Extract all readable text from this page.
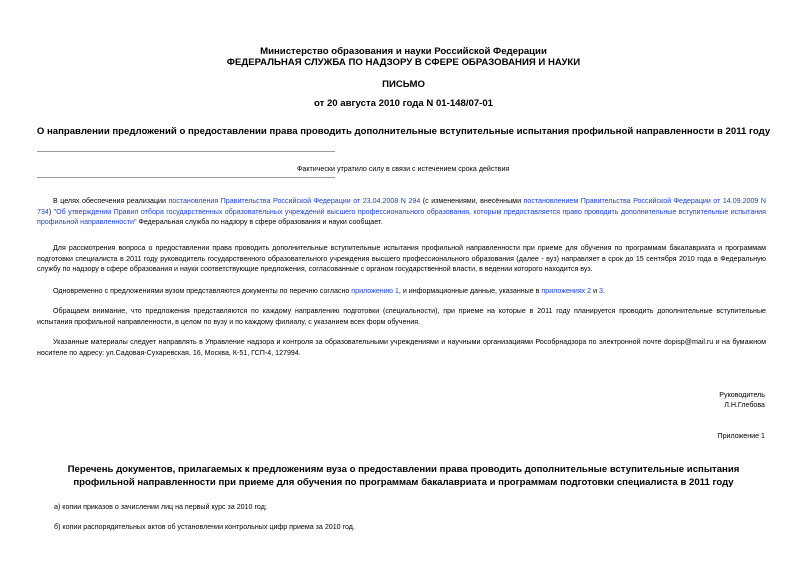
Министерство образования и науки Российской Федерации
ФЕДЕРАЛЬНАЯ СЛУЖБА ПО НАДЗОРУ В СФЕРЕ ОБРАЗОВАНИЯ И НАУКИ
ПИСЬМО
от 20 августа 2010 года N 01-148/07-01
О направлении предложений о предоставлении права проводить дополнительные вступительные испытания профильной направленности в 2011 году
Фактически утратило силу в связи с истечением срока действия
В целях обеспечения реализации постановления Правительства Российской Федерации от 23.04.2008 N 294 (с изменениями, внесёнными постановлением Правительства Российской Федерации от 14.09.2009 N 734) "Об утверждении Правил отбора государственных образовательных учреждений высшего профессионального образования, которым предоставляется право проводить дополнительные вступительные испытания профильной направленности" Федеральная служба по надзору в сфере образования и науки сообщает.
Для рассмотрения вопроса о предоставлении права проводить дополнительные вступительные испытания профильной направленности при приеме для обучения по программам бакалавриата и программам подготовки специалиста в 2011 году руководитель государственного образовательного учреждения высшего профессионального образования (далее - вуз) направляет в срок до 15 сентября 2010 года в Федеральную службу по надзору в сфере образования и науки соответствующие предложения, согласованные с органом государственной власти, в ведении которого находится вуз.
Одновременно с предложениями вузом представляются документы по перечню согласно приложению 1, и информационные данные, указанные в приложениях 2 и 3.
Обращаем внимание, что предложения представляются по каждому направлению подготовки (специальности), при приеме на которые в 2011 году планируется проводить дополнительные вступительные испытания профильной направленности, в целом по вузу и по каждому филиалу, с указанием всех форм обучения.
Указанные материалы следует направлять в Управление надзора и контроля за образовательными учреждениями и научными организациями Рособрнадзора по электронной почте dopisp@mail.ru и на бумажном носителе по адресу: ул.Садовая-Сухаревская, 16, Москва, К-51, ГСП-4, 127994.
Руководитель
Л.Н.Глебова
Приложение 1
Перечень документов, прилагаемых к предложениям вуза о предоставлении права проводить дополнительные вступительные испытания профильной направленности при приеме для обучения по программам бакалавриата и программам подготовки специалиста в 2011 году
а) копии приказов о зачислении лиц на первый курс за 2010 год;
б) копии распорядительных актов об установлении контрольных цифр приема за 2010 год.
